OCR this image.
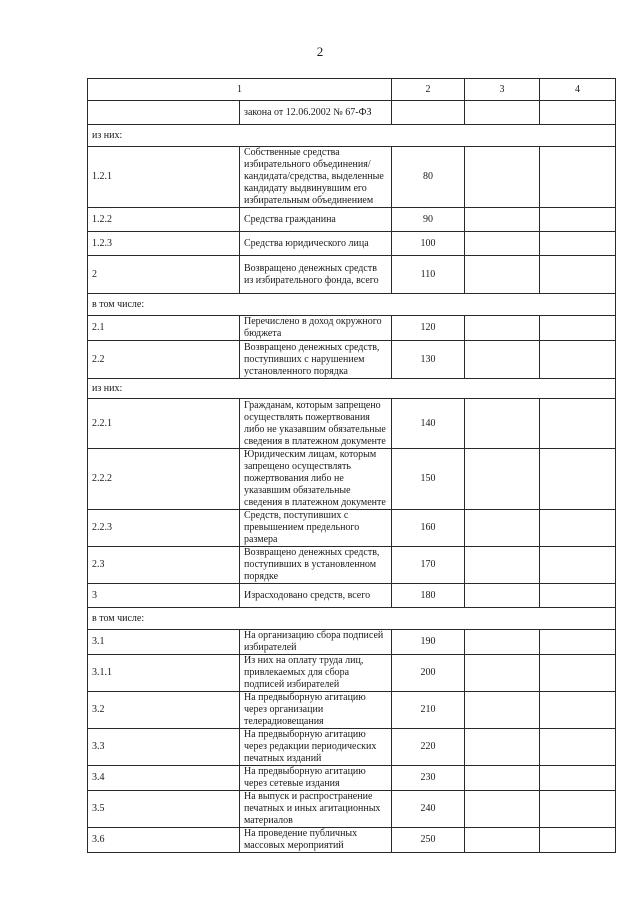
2
1		2	3	4
	закона от 12.06.2002 № 67-ФЗ			
из них:				
1.2.1	Собственные средства избирательного объединения/кандидата/средства, выделенные кандидату выдвинувшим его избирательным объединением	80		
1.2.2	Средства гражданина	90		
1.2.3	Средства юридического лица	100		
2	Возвращено денежных средств из избирательного фонда, всего	110		
в том числе:				
2.1	Перечислено в доход окружного бюджета	120		
2.2	Возвращено денежных средств, поступивших с нарушением установленного порядка	130		
из них:				
2.2.1	Гражданам, которым запрещено осуществлять пожертвования либо не указавшим обязательные сведения в платежном документе	140		
2.2.2	Юридическим лицам, которым запрещено осуществлять пожертвования либо не указавшим обязательные сведения в платежном документе	150		
2.2.3	Средств, поступивших с превышением предельного размера	160		
2.3	Возвращено денежных средств, поступивших в установленном порядке	170		
3	Израсходовано средств, всего	180		
в том числе:				
3.1	На организацию сбора подписей избирателей	190		
3.1.1	Из них на оплату труда лиц, привлекаемых для сбора подписей избирателей	200		
3.2	На предвыборную агитацию через организации телерадиовещания	210		
3.3	На предвыборную агитацию через редакции периодических печатных изданий	220		
3.4	На предвыборную агитацию через сетевые издания	230		
3.5	На выпуск и распространение печатных и иных агитационных материалов	240		
3.6	На проведение публичных массовых мероприятий	250		
